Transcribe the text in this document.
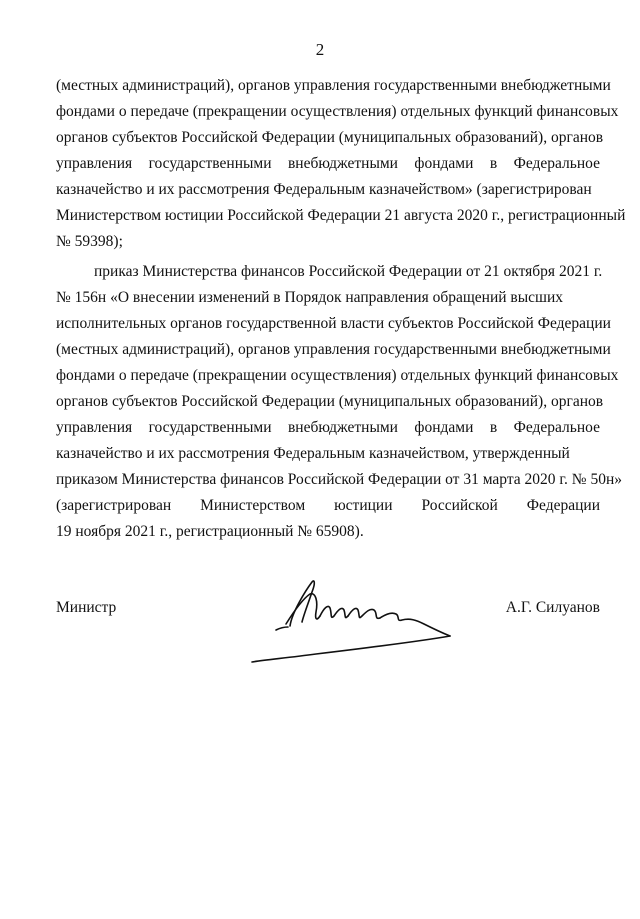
2
(местных администраций), органов управления государственными внебюджетными
фондами о передаче (прекращении осуществления) отдельных функций финансовых
органов субъектов Российской Федерации (муниципальных образований), органов
управления государственными внебюджетными фондами в Федеральное
казначейство и их рассмотрения Федеральным казначейством» (зарегистрирован
Министерством юстиции Российской Федерации 21 августа 2020 г., регистрационный
№ 59398);
приказ Министерства финансов Российской Федерации от 21 октября 2021 г.
№ 156н «О внесении изменений в Порядок направления обращений высших
исполнительных органов государственной власти субъектов Российской Федерации
(местных администраций), органов управления государственными внебюджетными
фондами о передаче (прекращении осуществления) отдельных функций финансовых
органов субъектов Российской Федерации (муниципальных образований), органов
управления государственными внебюджетными фондами в Федеральное
казначейство и их рассмотрения Федеральным казначейством, утвержденный
приказом Министерства финансов Российской Федерации от 31 марта 2020 г. № 50н»
(зарегистрирован Министерством юстиции Российской Федерации
19 ноября 2021 г., регистрационный № 65908).
Министр	А.Г. Силуанов
